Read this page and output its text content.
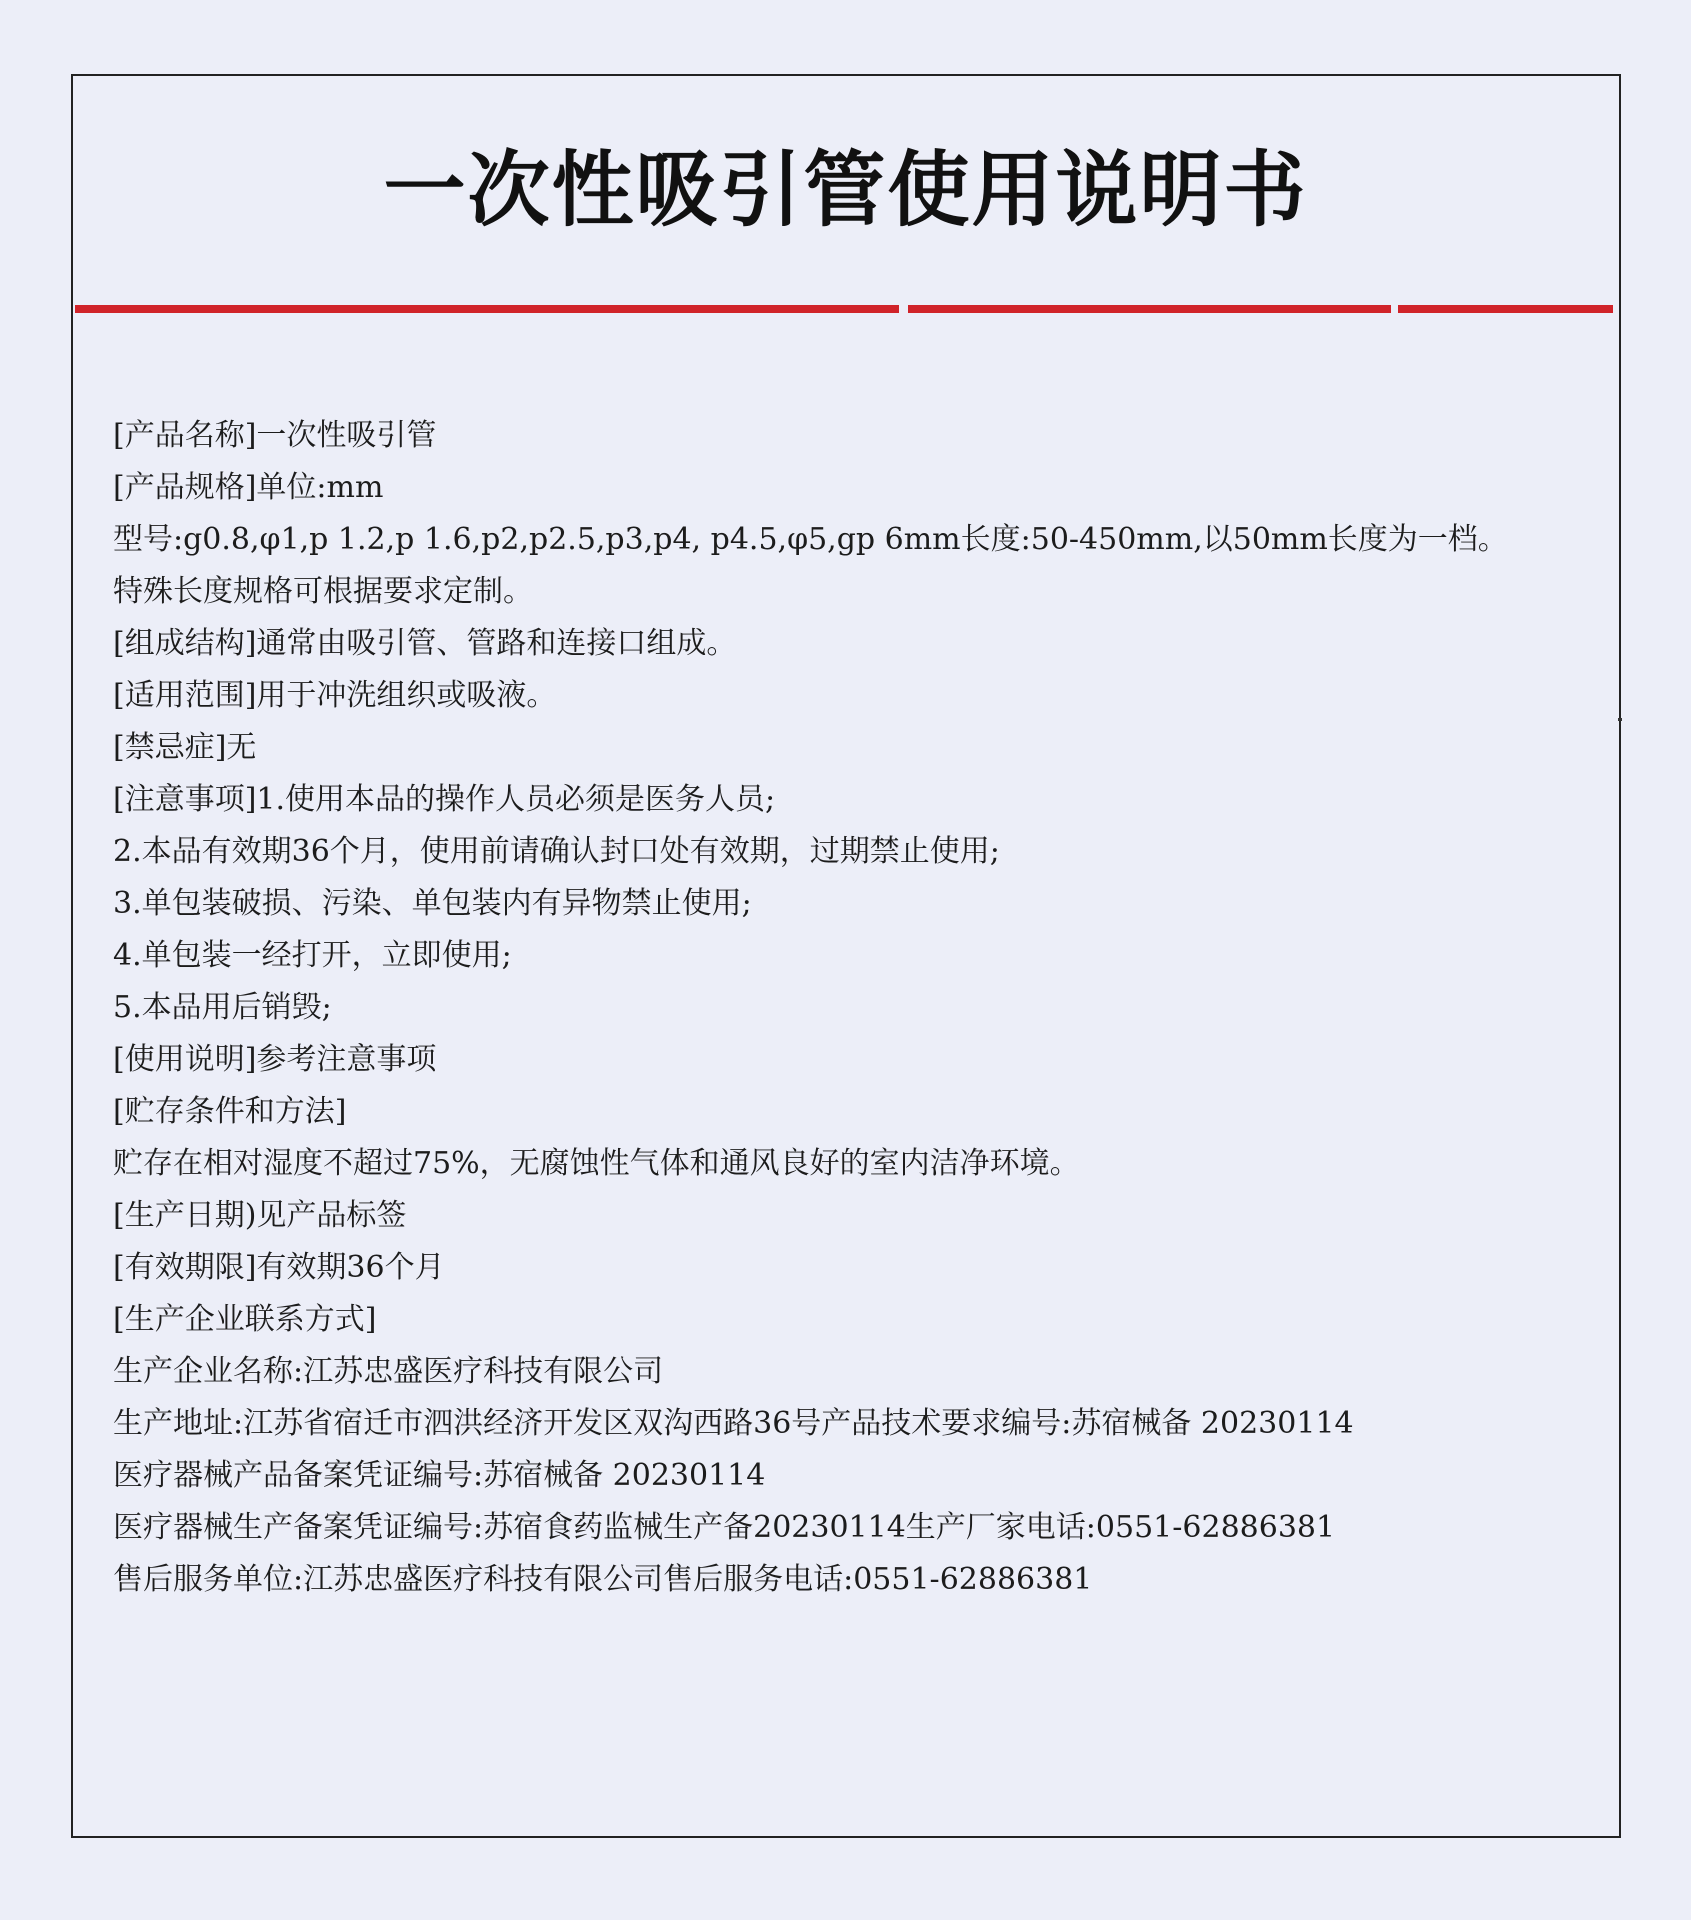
一次性吸引管使用说明书
[产品名称]一次性吸引管
[产品规格]单位:mm
型号:g0.8,φ1,p 1.2,p 1.6,p2,p2.5,p3,p4, p4.5,φ5,gp 6mm长度:50-450mm,以50mm长度为一档。
特殊长度规格可根据要求定制。
[组成结构]通常由吸引管、管路和连接口组成。
[适用范围]用于冲洗组织或吸液。
[禁忌症]无
[注意事项]1.使用本品的操作人员必须是医务人员;
2.本品有效期36个月，使用前请确认封口处有效期，过期禁止使用;
3.单包装破损、污染、单包装内有异物禁止使用;
4.单包装一经打开，立即使用;
5.本品用后销毁;
[使用说明]参考注意事项
[贮存条件和方法]
贮存在相对湿度不超过75%，无腐蚀性气体和通风良好的室内洁净环境。
[生产日期)见产品标签
[有效期限]有效期36个月
[生产企业联系方式]
生产企业名称:江苏忠盛医疗科技有限公司
生产地址:江苏省宿迁市泗洪经济开发区双沟西路36号产品技术要求编号:苏宿械备 20230114
医疗器械产品备案凭证编号:苏宿械备 20230114
医疗器械生产备案凭证编号:苏宿食药监械生产备20230114生产厂家电话:0551-62886381
售后服务单位:江苏忠盛医疗科技有限公司售后服务电话:0551-62886381
